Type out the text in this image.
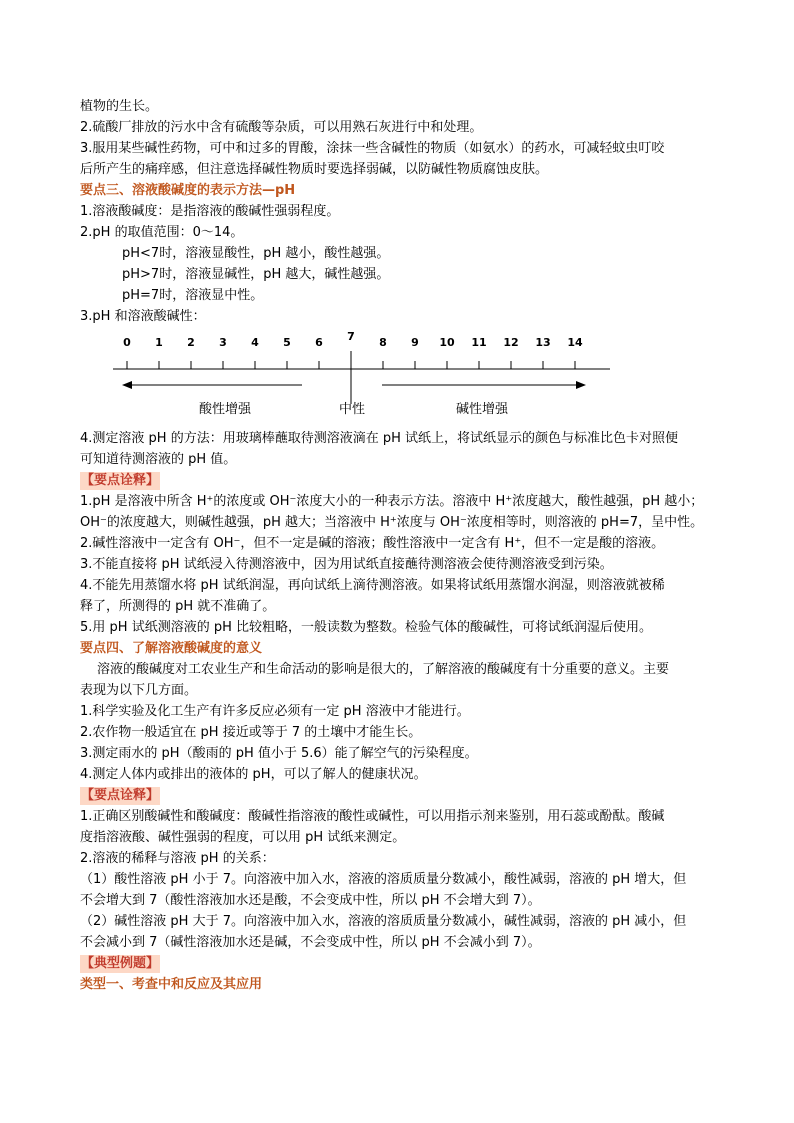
植物的生长。
2.硫酸厂排放的污水中含有硫酸等杂质，可以用熟石灰进行中和处理。
3.服用某些碱性药物，可中和过多的胃酸，涂抹一些含碱性的物质（如氨水）的药水，可减轻蚊虫叮咬
后所产生的痛痒感，但注意选择碱性物质时要选择弱碱，以防碱性物质腐蚀皮肤。
要点三、溶液酸碱度的表示方法—pH
1.溶液酸碱度：是指溶液的酸碱性强弱程度。
2.pH 的取值范围：0～14。
pH<7时，溶液显酸性，pH 越小，酸性越强。
pH>7时，溶液显碱性，pH 越大，碱性越强。
pH=7时，溶液显中性。
3.pH 和溶液酸碱性：
0 1 2 3 4 5 6 7 8 9 10 11 12 13 14
酸性增强	中性	碱性增强
4.测定溶液 pH 的方法：用玻璃棒蘸取待测溶液滴在 pH 试纸上，将试纸显示的颜色与标准比色卡对照便
可知道待测溶液的 pH 值。
【要点诠释】
1.pH 是溶液中所含 H⁺的浓度或 OH⁻浓度大小的一种表示方法。溶液中 H⁺浓度越大，酸性越强，pH 越小；
OH⁻的浓度越大，则碱性越强，pH 越大；当溶液中 H⁺浓度与 OH⁻浓度相等时，则溶液的 pH=7，呈中性。
2.碱性溶液中一定含有 OH⁻，但不一定是碱的溶液；酸性溶液中一定含有 H⁺，但不一定是酸的溶液。
3.不能直接将 pH 试纸浸入待测溶液中，因为用试纸直接蘸待测溶液会使待测溶液受到污染。
4.不能先用蒸馏水将 pH 试纸润湿，再向试纸上滴待测溶液。如果将试纸用蒸馏水润湿，则溶液就被稀
释了，所测得的 pH 就不准确了。
5.用 pH 试纸测溶液的 pH 比较粗略，一般读数为整数。检验气体的酸碱性，可将试纸润湿后使用。
要点四、了解溶液酸碱度的意义
溶液的酸碱度对工农业生产和生命活动的影响是很大的，了解溶液的酸碱度有十分重要的意义。主要
表现为以下几方面。
1.科学实验及化工生产有许多反应必须有一定 pH 溶液中才能进行。
2.农作物一般适宜在 pH 接近或等于 7 的土壤中才能生长。
3.测定雨水的 pH（酸雨的 pH 值小于 5.6）能了解空气的污染程度。
4.测定人体内或排出的液体的 pH，可以了解人的健康状况。
【要点诠释】
1.正确区别酸碱性和酸碱度：酸碱性指溶液的酸性或碱性，可以用指示剂来鉴别，用石蕊或酚酞。酸碱
度指溶液酸、碱性强弱的程度，可以用 pH 试纸来测定。
2.溶液的稀释与溶液 pH 的关系：
（1）酸性溶液 pH 小于 7。向溶液中加入水，溶液的溶质质量分数减小，酸性减弱，溶液的 pH 增大，但
不会增大到 7（酸性溶液加水还是酸，不会变成中性，所以 pH 不会增大到 7）。
（2）碱性溶液 pH 大于 7。向溶液中加入水，溶液的溶质质量分数减小，碱性减弱，溶液的 pH 减小，但
不会减小到 7（碱性溶液加水还是碱，不会变成中性，所以 pH 不会减小到 7）。
【典型例题】
类型一、考查中和反应及其应用
